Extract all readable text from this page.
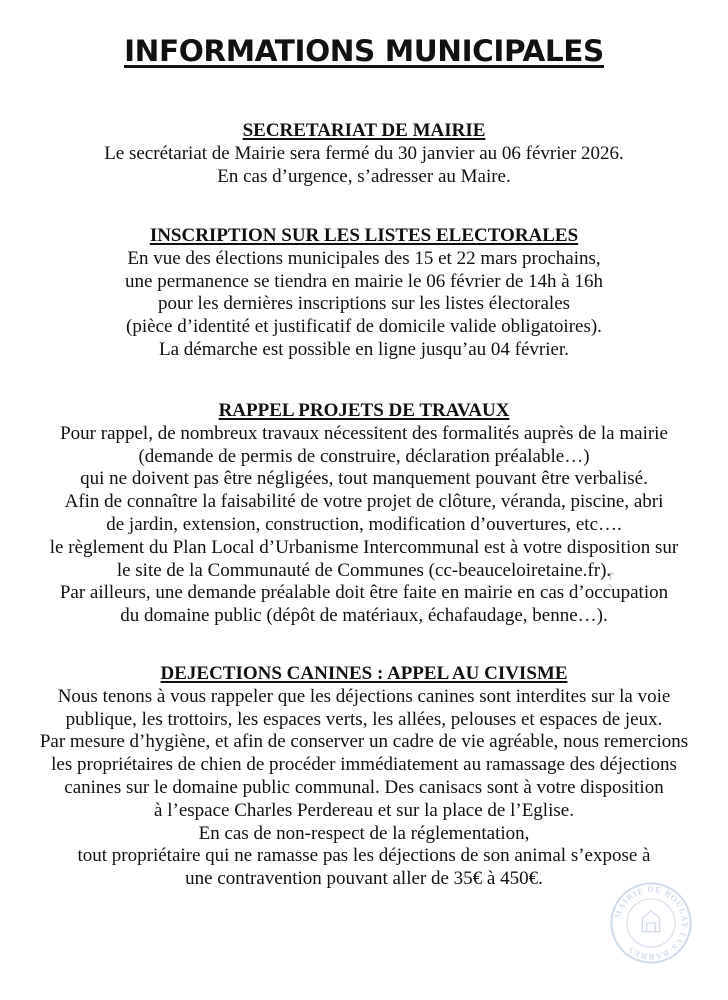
INFORMATIONS MUNICIPALES
SECRETARIAT DE MAIRIE
Le secrétariat de Mairie sera fermé du 30 janvier au 06 février 2026.
En cas d’urgence, s’adresser au Maire.
INSCRIPTION SUR LES LISTES ELECTORALES
En vue des élections municipales des 15 et 22 mars prochains,
une permanence se tiendra en mairie le 06 février de 14h à 16h
pour les dernières inscriptions sur les listes électorales
(pièce d’identité et justificatif de domicile valide obligatoires).
La démarche est possible en ligne jusqu’au 04 février.
RAPPEL PROJETS DE TRAVAUX
Pour rappel, de nombreux travaux nécessitent des formalités auprès de la mairie
(demande de permis de construire, déclaration préalable…)
qui ne doivent pas être négligées, tout manquement pouvant être verbalisé.
Afin de connaître la faisabilité de votre projet de clôture, véranda, piscine, abri
de jardin, extension, construction, modification d’ouvertures, etc….
le règlement du Plan Local d’Urbanisme Intercommunal est à votre disposition sur
le site de la Communauté de Communes (cc-beauceloiretaine.fr).
Par ailleurs, une demande préalable doit être faite en mairie en cas d’occupation
du domaine public (dépôt de matériaux, échafaudage, benne…).
DEJECTIONS CANINES : APPEL AU CIVISME
Nous tenons à vous rappeler que les déjections canines sont interdites sur la voie
publique, les trottoirs, les espaces verts, les allées, pelouses et espaces de jeux.
Par mesure d’hygiène, et afin de conserver un cadre de vie agréable, nous remercions
les propriétaires de chien de procéder immédiatement au ramassage des déjections
canines sur le domaine public communal. Des canisacs sont à votre disposition
à l’espace Charles Perdereau et sur la place de l’Eglise.
En cas de non-respect de la réglementation,
tout propriétaire qui ne ramasse pas les déjections de son animal s’expose à
une contravention pouvant aller de 35€ à 450€.
MAIRIE DE BOULAY-LES-BARRES
